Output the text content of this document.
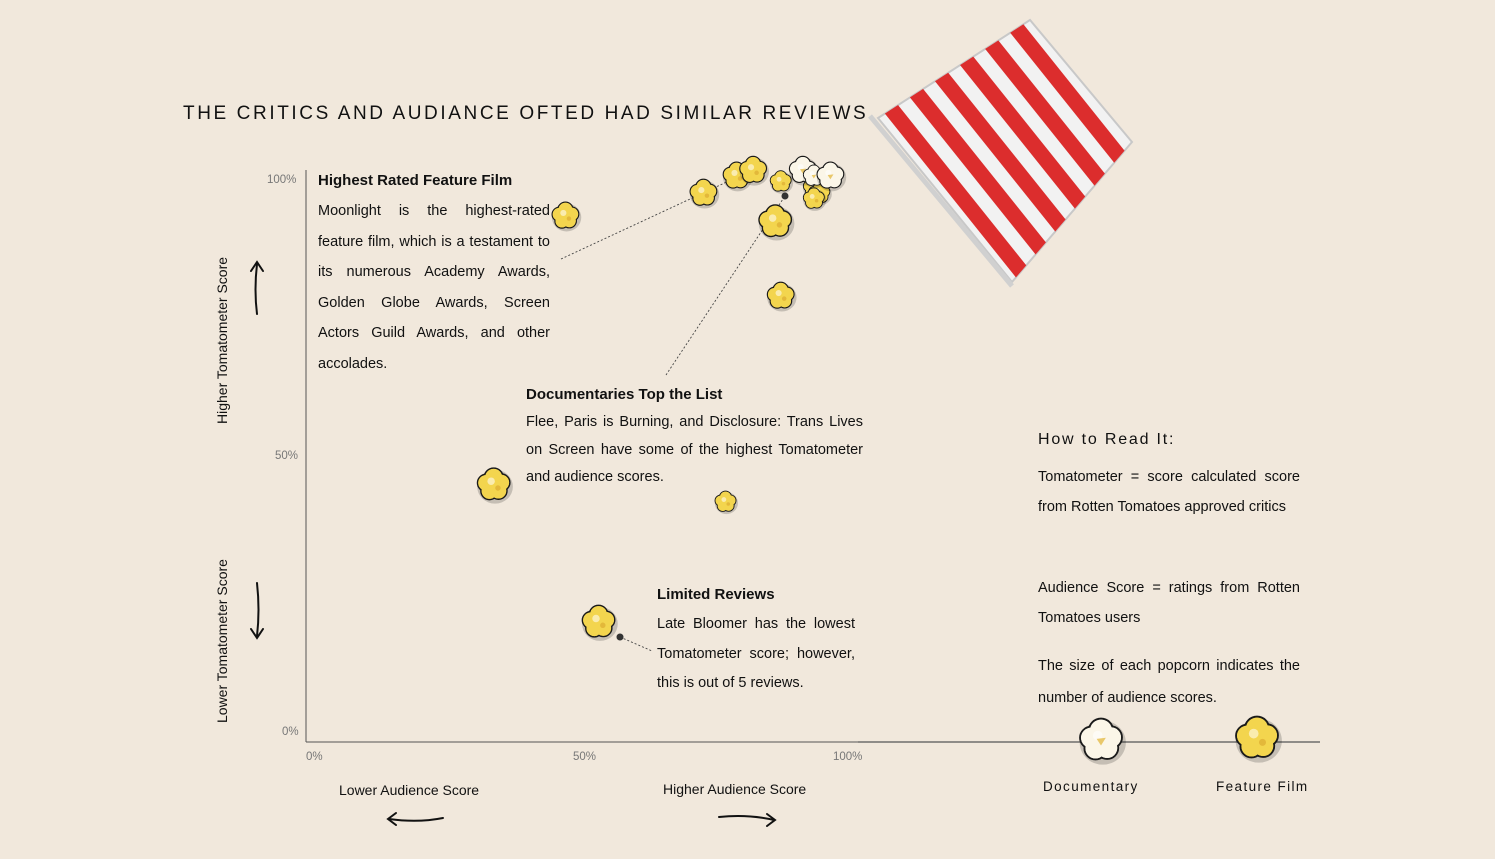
THE CRITICS AND AUDIANCE OFTED HAD SIMILAR REVIEWS
100%
50%
0%
0%	50%	100%
Higher Tomatometer Score
Lower Tomatometer Score
Lower Audience Score	Higher Audience Score
Highest Rated Feature Film
Moonlight is the highest-rated feature film, which is a testament to its numerous Academy Awards, Golden Globe Awards, Screen Actors Guild Awards, and other accolades.
Documentaries Top the List
Flee, Paris is Burning, and Disclosure: Trans Lives on Screen have some of the highest Tomatometer and audience scores.
Limited Reviews
Late Bloomer has the lowest Tomatometer score; however, this is out of 5 reviews.
How to Read It:
Tomatometer = score calculated score from Rotten Tomatoes approved critics
Audience Score = ratings from Rotten Tomatoes users
The size of each popcorn indicates the number of audience scores.
Documentary	Feature Film
